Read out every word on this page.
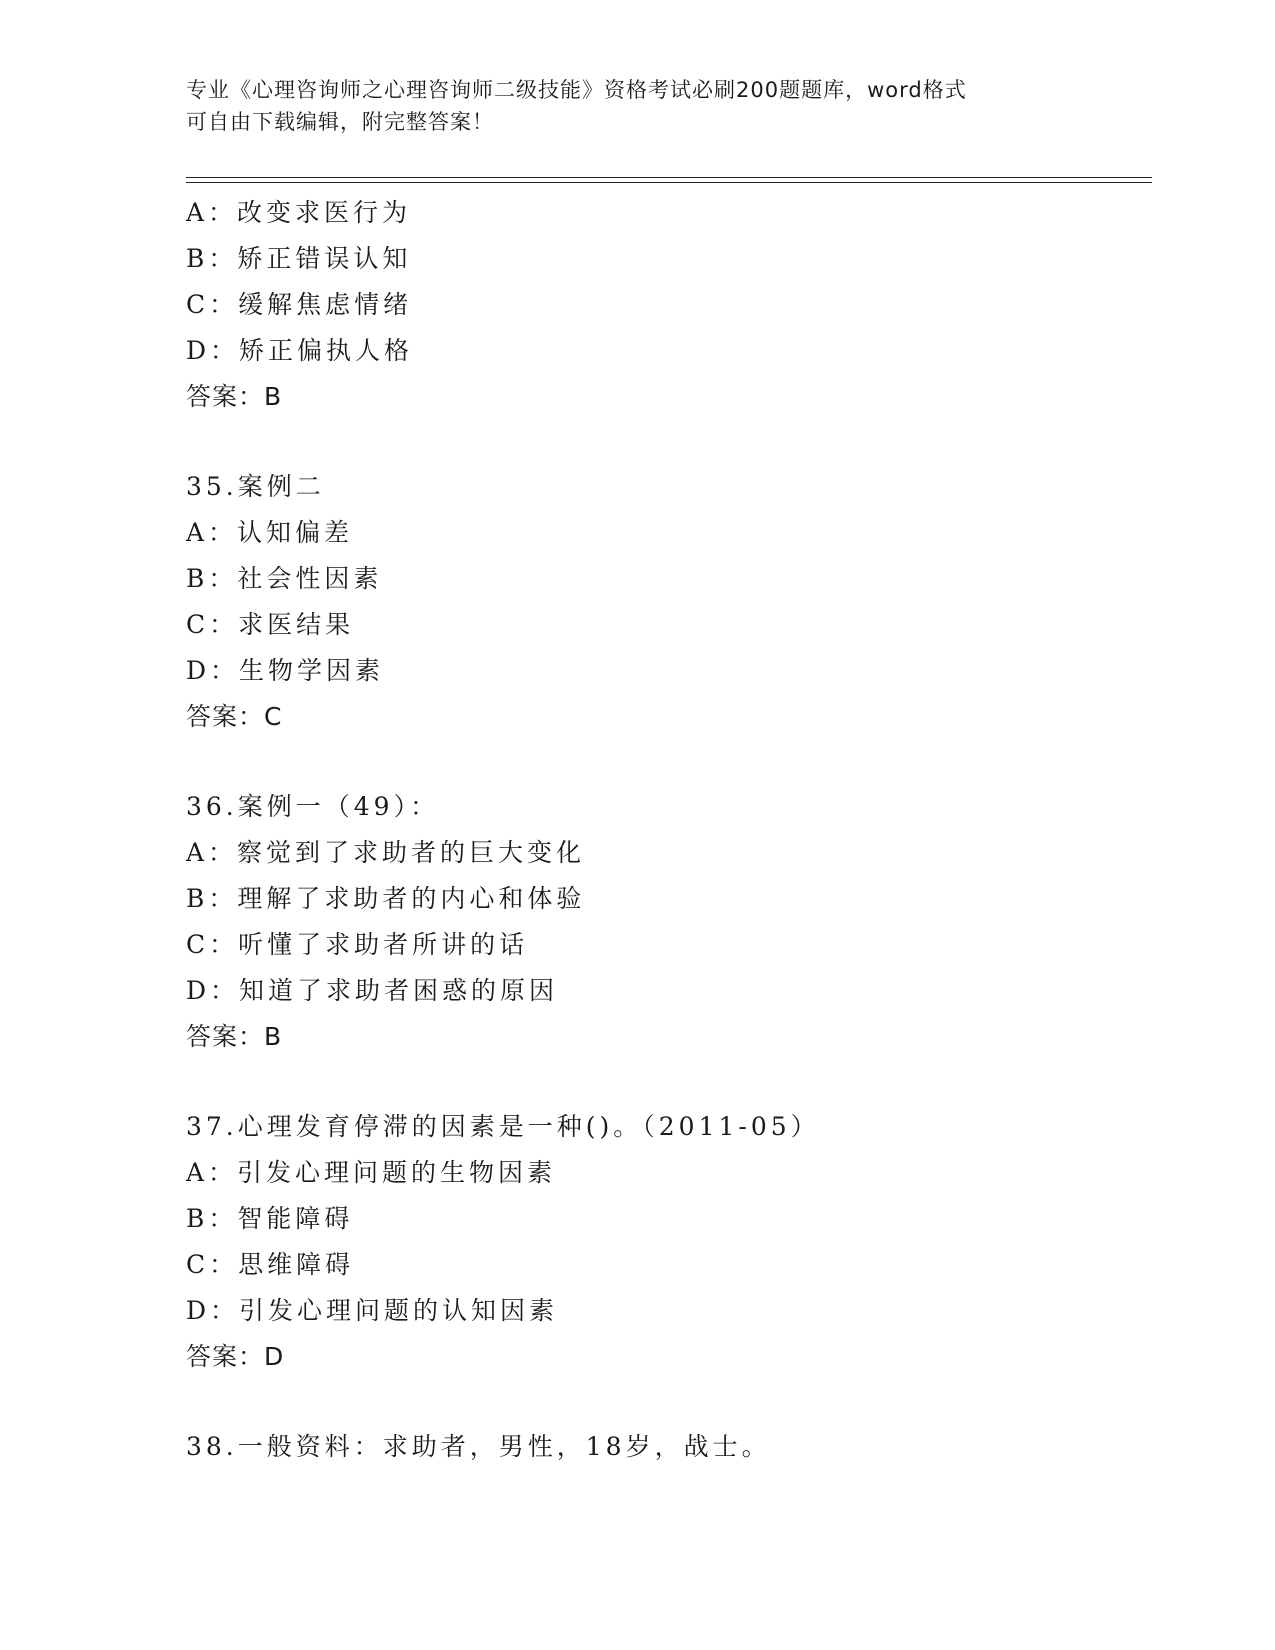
专业《心理咨询师之心理咨询师二级技能》资格考试必刷200题题库，word格式
可自由下载编辑，附完整答案！
A：改变求医行为
B：矫正错误认知
C：缓解焦虑情绪
D：矫正偏执人格
答案：B
35.案例二
A：认知偏差
B：社会性因素
C：求医结果
D：生物学因素
答案：C
36.案例一（49）：
A：察觉到了求助者的巨大变化
B：理解了求助者的内心和体验
C：听懂了求助者所讲的话
D：知道了求助者困惑的原因
答案：B
37.心理发育停滞的因素是一种()。（2011-05）
A：引发心理问题的生物因素
B：智能障碍
C：思维障碍
D：引发心理问题的认知因素
答案：D
38.一般资料：求助者，男性，18岁，战士。
